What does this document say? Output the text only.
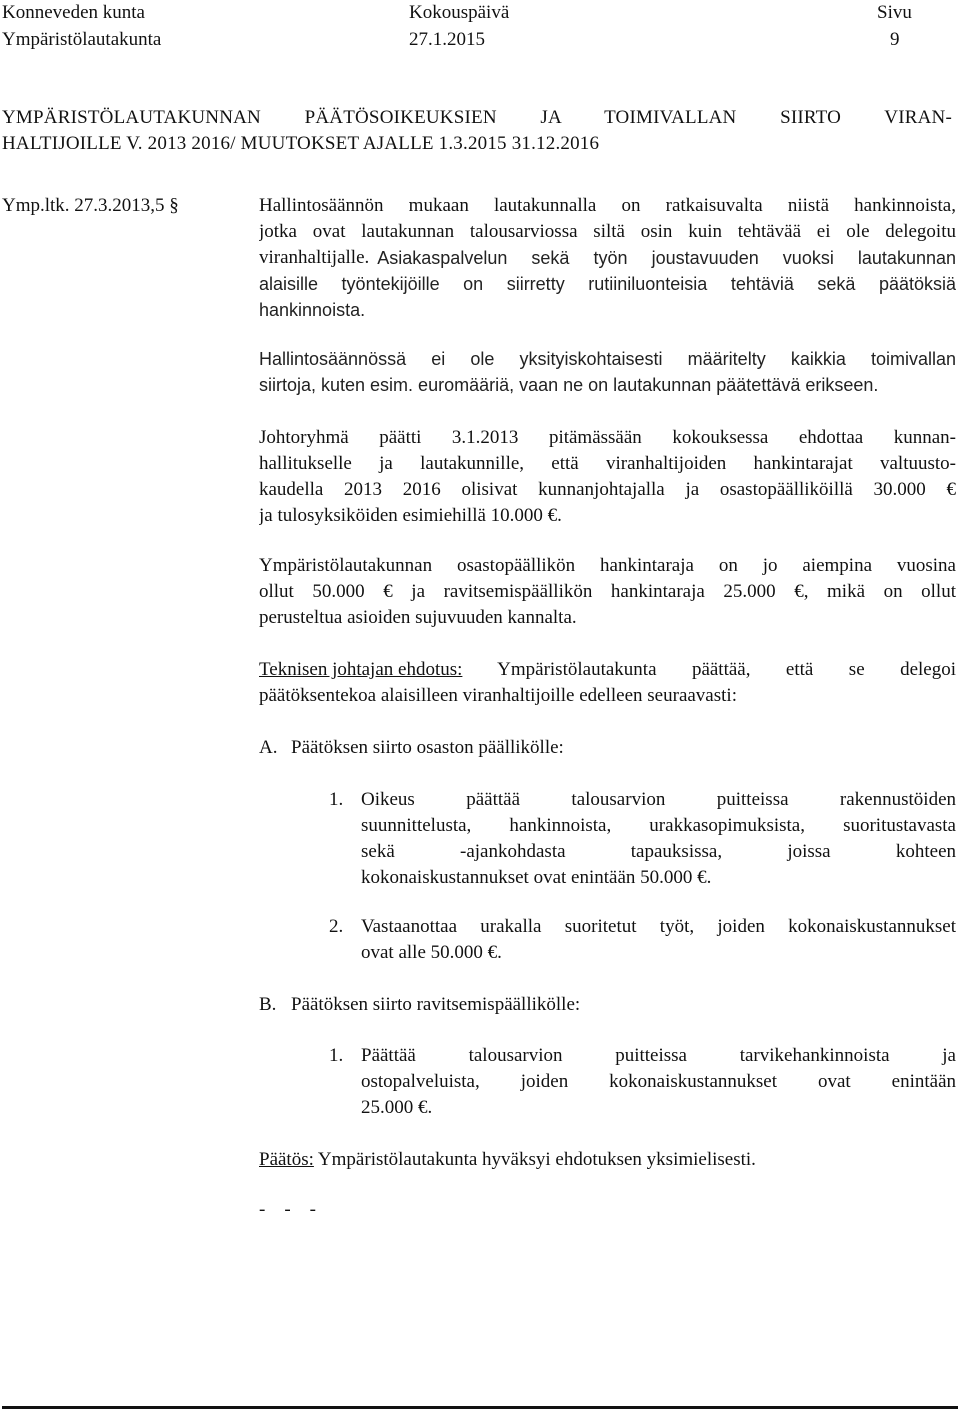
Konneveden kunta
Ympäristölautakunta
Kokouspäivä
27.1.2015
Sivu
9
YMPÄRISTÖLAUTAKUNNAN PÄÄTÖSOIKEUKSIEN JA TOIMIVALLAN SIIRTO VIRAN-
HALTIJOILLE V. 2013 2016/ MUUTOKSET AJALLE 1.3.2015 31.12.2016
Ymp.ltk. 27.3.2013,5 §	Hallintosäännön mukaan lautakunnalla on ratkaisuvalta niistä hankinnoista,
jotka ovat lautakunnan talousarviossa siltä osin kuin tehtävää ei ole delegoitu
viranhaltijalle. Asiakaspalvelun sekä työn joustavuuden vuoksi lautakunnan
alaisille työntekijöille on siirretty rutiiniluonteisia tehtäviä sekä päätöksiä
hankinnoista.
Hallintosäännössä ei ole yksityiskohtaisesti määritelty kaikkia toimivallan
siirtoja, kuten esim. euromääriä, vaan ne on lautakunnan päätettävä erikseen.
Johtoryhmä päätti 3.1.2013 pitämässään kokouksessa ehdottaa kunnan-
hallitukselle ja lautakunnille, että viranhaltijoiden hankintarajat valtuusto-
kaudella 2013 2016 olisivat kunnanjohtajalla ja osastopäälliköillä 30.000 €
ja tulosyksiköiden esimiehillä 10.000 €.
Ympäristölautakunnan osastopäällikön hankintaraja on jo aiempina vuosina
ollut 50.000 € ja ravitsemispäällikön hankintaraja 25.000 €, mikä on ollut
perusteltua asioiden sujuvuuden kannalta.
Teknisen johtajan ehdotus: Ympäristölautakunta päättää, että se delegoi
päätöksentekoa alaisilleen viranhaltijoille edelleen seuraavasti:
A. Päätöksen siirto osaston päällikölle:
1. Oikeus päättää talousarvion puitteissa rakennustöiden
suunnittelusta, hankinnoista, urakkasopimuksista, suoritustavasta
sekä -ajankohdasta tapauksissa, joissa kohteen
kokonaiskustannukset ovat enintään 50.000 €.
2. Vastaanottaa urakalla suoritetut työt, joiden kokonaiskustannukset
ovat alle 50.000 €.
B. Päätöksen siirto ravitsemispäällikölle:
1. Päättää talousarvion puitteissa tarvikehankinnoista ja
ostopalveluista, joiden kokonaiskustannukset ovat enintään
25.000 €.
Päätös: Ympäristölautakunta hyväksyi ehdotuksen yksimielisesti.
-    -    -
